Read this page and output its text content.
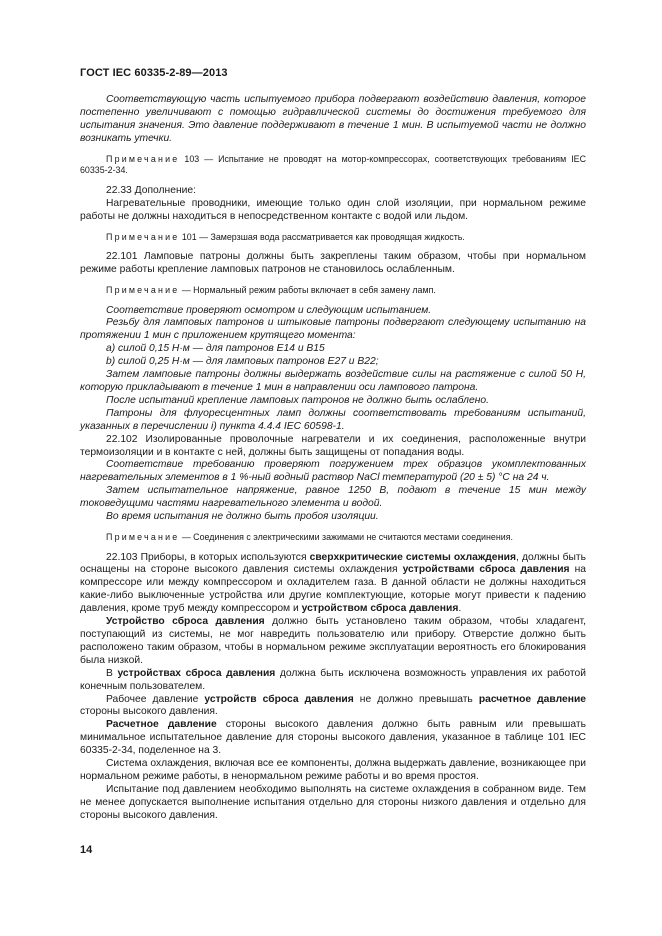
ГОСТ IEC 60335-2-89—2013

Соответствующую часть испытуемого прибора подвергают воздействию давления, которое постепенно увеличивают с помощью гидравлической системы до достижения требуемого для испытания значения. Это давление поддерживают в течение 1 мин. В испытуемой части не должно возникать утечки.

Примечание 103 — Испытание не проводят на мотор-компрессорах, соответствующих требованиям IEC 60335-2-34.

22.33 Дополнение:

Нагревательные проводники, имеющие только один слой изоляции, при нормальном режиме работы не должны находиться в непосредственном контакте с водой или льдом.

Примечание 101 — Замерзшая вода рассматривается как проводящая жидкость.

22.101 Ламповые патроны должны быть закреплены таким образом, чтобы при нормальном режиме работы крепление ламповых патронов не становилось ослабленным.

Примечание — Нормальный режим работы включает в себя замену ламп.

Соответствие проверяют осмотром и следующим испытанием.

Резьбу для ламповых патронов и штыковые патроны подвергают следующему испытанию на протяжении 1 мин с приложением крутящего момента:

a) силой 0,15 Н·м — для патронов E14 и B15

b) силой 0,25 Н·м — для ламповых патронов E27 и B22;

Затем ламповые патроны должны выдержать воздействие силы на растяжение с силой 50 Н, которую прикладывают в течение 1 мин в направлении оси лампового патрона.

После испытаний крепление ламповых патронов не должно быть ослаблено.

Патроны для флуоресцентных ламп должны соответствовать требованиям испытаний, указанных в перечислении i) пункта 4.4.4 IEC 60598-1.

22.102 Изолированные проволочные нагреватели и их соединения, расположенные внутри термоизоляции и в контакте с ней, должны быть защищены от попадания воды.

Соответствие требованию проверяют погружением трех образцов укомплектованных нагревательных элементов в 1 %-ный водный раствор NaCl температурой (20 ± 5) °С на 24 ч.

Затем испытательное напряжение, равное 1250 В, подают в течение 15 мин между токоведущими частями нагревательного элемента и водой.

Во время испытания не должно быть пробоя изоляции.

Примечание — Соединения с электрическими зажимами не считаются местами соединения.

22.103 Приборы, в которых используются сверхкритические системы охлаждения, должны быть оснащены на стороне высокого давления системы охлаждения устройствами сброса давления на компрессоре или между компрессором и охладителем газа. В данной области не должны находиться какие-либо выключенные устройства или другие комплектующие, которые могут привести к падению давления, кроме труб между компрессором и устройством сброса давления.

Устройство сброса давления должно быть установлено таким образом, чтобы хладагент, поступающий из системы, не мог навредить пользователю или прибору. Отверстие должно быть расположено таким образом, чтобы в нормальном режиме эксплуатации вероятность его блокирования была низкой.

В устройствах сброса давления должна быть исключена возможность управления их работой конечным пользователем.

Рабочее давление устройств сброса давления не должно превышать расчетное давление стороны высокого давления.

Расчетное давление стороны высокого давления должно быть равным или превышать минимальное испытательное давление для стороны высокого давления, указанное в таблице 101 IEC 60335-2-34, поделенное на 3.

Система охлаждения, включая все ее компоненты, должна выдержать давление, возникающее при нормальном режиме работы, в ненормальном режиме работы и во время простоя.

Испытание под давлением необходимо выполнять на системе охлаждения в собранном виде. Тем не менее допускается выполнение испытания отдельно для стороны низкого давления и отдельно для стороны высокого давления.

14
